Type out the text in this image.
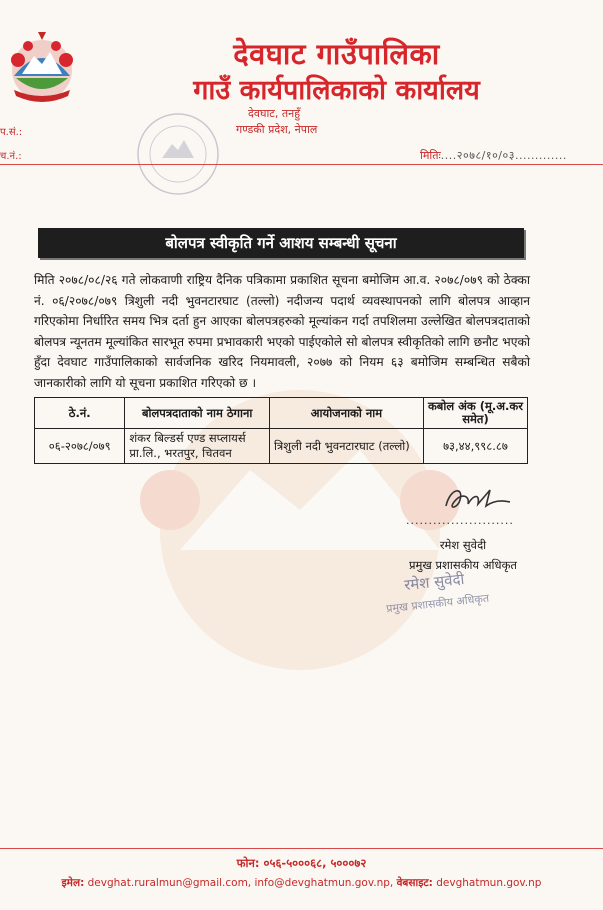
देवघाट गाउँपालिका
गाउँ कार्यपालिकाको कार्यालय
देवघाट, तनहुँ
गण्डकी प्रदेश, नेपाल
प.सं.:
च.नं.:	मितिः....२०७८/१०/०३.............
बोलपत्र स्वीकृति गर्ने आशय सम्बन्धी सूचना
मिति २०७८/०८/२६ गते लोकवाणी राष्ट्रिय दैनिक पत्रिकामा प्रकाशित सूचना बमोजिम आ.व. २०७८/०७९ को ठेक्का नं. ०६/२०७८/०७९ त्रिशुली नदी भुवनटारघाट (तल्लो) नदीजन्य पदार्थ व्यवस्थापनको लागि बोलपत्र आव्हान गरिएकोमा निर्धारित समय भित्र दर्ता हुन आएका बोलपत्रहरुको मूल्यांकन गर्दा तपशिलमा उल्लेखित बोलपत्रदाताको बोलपत्र न्यूनतम मूल्यांकित सारभूत रुपमा प्रभावकारी भएको पाईएकोले सो बोलपत्र स्वीकृतिको लागि छनौट भएको हुँदा देवघाट गाउँपालिकाको सार्वजनिक खरिद नियमावली, २०७७ को नियम ६३ बमोजिम सम्बन्धित सबैको जानकारीको लागि यो सूचना प्रकाशित गरिएको छ ।
ठे.नं.	बोलपत्रदाताको नाम ठेगाना	आयोजनाको नाम	कबोल अंक (मू.अ.कर समेत)
०६-२०७८/०७९	शंकर बिल्डर्स एण्ड सप्लायर्स प्रा.लि., भरतपुर, चितवन	त्रिशुली नदी भुवनटारघाट (तल्लो)	७३,४४,९९८.८७
........................
रमेश सुवेदी
प्रमुख प्रशासकीय अधिकृत
रमेश सुवेदी
प्रमुख प्रशासकीय अधिकृत
फोन: ०५६-५०००६८, ५०००७२
इमेल: devghat.ruralmun@gmail.com, info@devghatmun.gov.np, वेबसाइट: devghatmun.gov.np
